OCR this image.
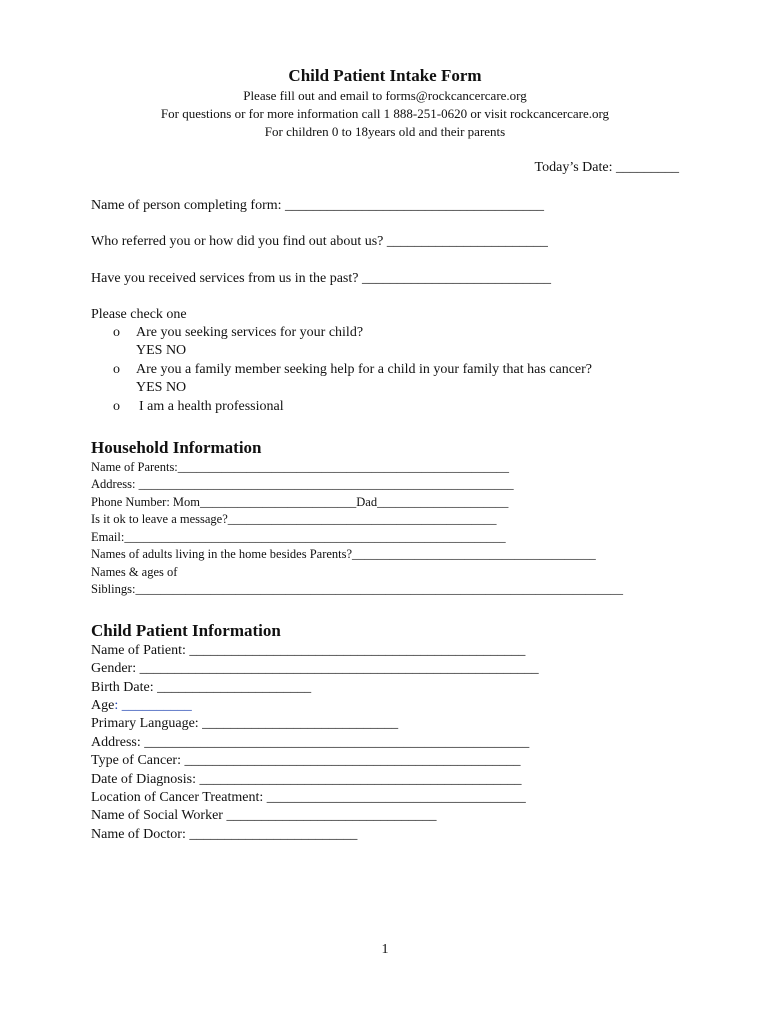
Child Patient Intake Form

Please fill out and email to forms@rockcancercare.org

For questions or for more information call 1 888-251-0620 or visit rockcancercare.org

For children 0 to 18years old and their parents

Today’s Date: _________

Name of person completing form: _____________________________________

Who referred you or how did you find out about us? _______________________

Have you received services from us in the past? ___________________________

Please check one

o Are you seeking services for your child?

YES NO

o Are you a family member seeking help for a child in your family that has cancer?

YES NO

o I am a health professional

Household Information

Name of Parents:_____________________________________________________

Address: ____________________________________________________________

Phone Number: Mom_________________________Dad_____________________

Is it ok to leave a message?___________________________________________

Email:_____________________________________________________________

Names of adults living in the home besides Parents?_______________________________________

Names & ages of

Siblings:______________________________________________________________________________

Child Patient Information

Name of Patient: ________________________________________________

Gender: _________________________________________________________

Birth Date: ______________________

Age: __________

Primary Language: ____________________________

Address: _______________________________________________________

Type of Cancer: ________________________________________________

Date of Diagnosis: ______________________________________________

Location of Cancer Treatment: _____________________________________

Name of Social Worker ______________________________

Name of Doctor: ________________________

1
